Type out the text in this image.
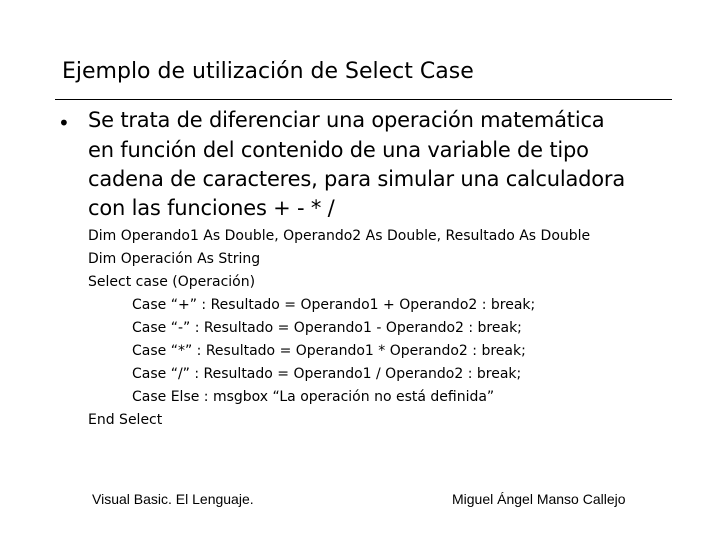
Ejemplo de utilización de Select Case
• Se trata de diferenciar una operación matemática
en función del contenido de una variable de tipo
cadena de caracteres, para simular una calculadora
con las funciones + - * /
Dim Operando1 As Double, Operando2 As Double, Resultado As Double
Dim Operación As String
Select case (Operación)
Case “+” : Resultado = Operando1 + Operando2 : break;
Case “-” : Resultado = Operando1 - Operando2 : break;
Case “*” : Resultado = Operando1 * Operando2 : break;
Case “/” : Resultado = Operando1 / Operando2 : break;
Case Else : msgbox “La operación no está definida”
End Select
Visual Basic. El Lenguaje.	Miguel Ángel Manso Callejo
